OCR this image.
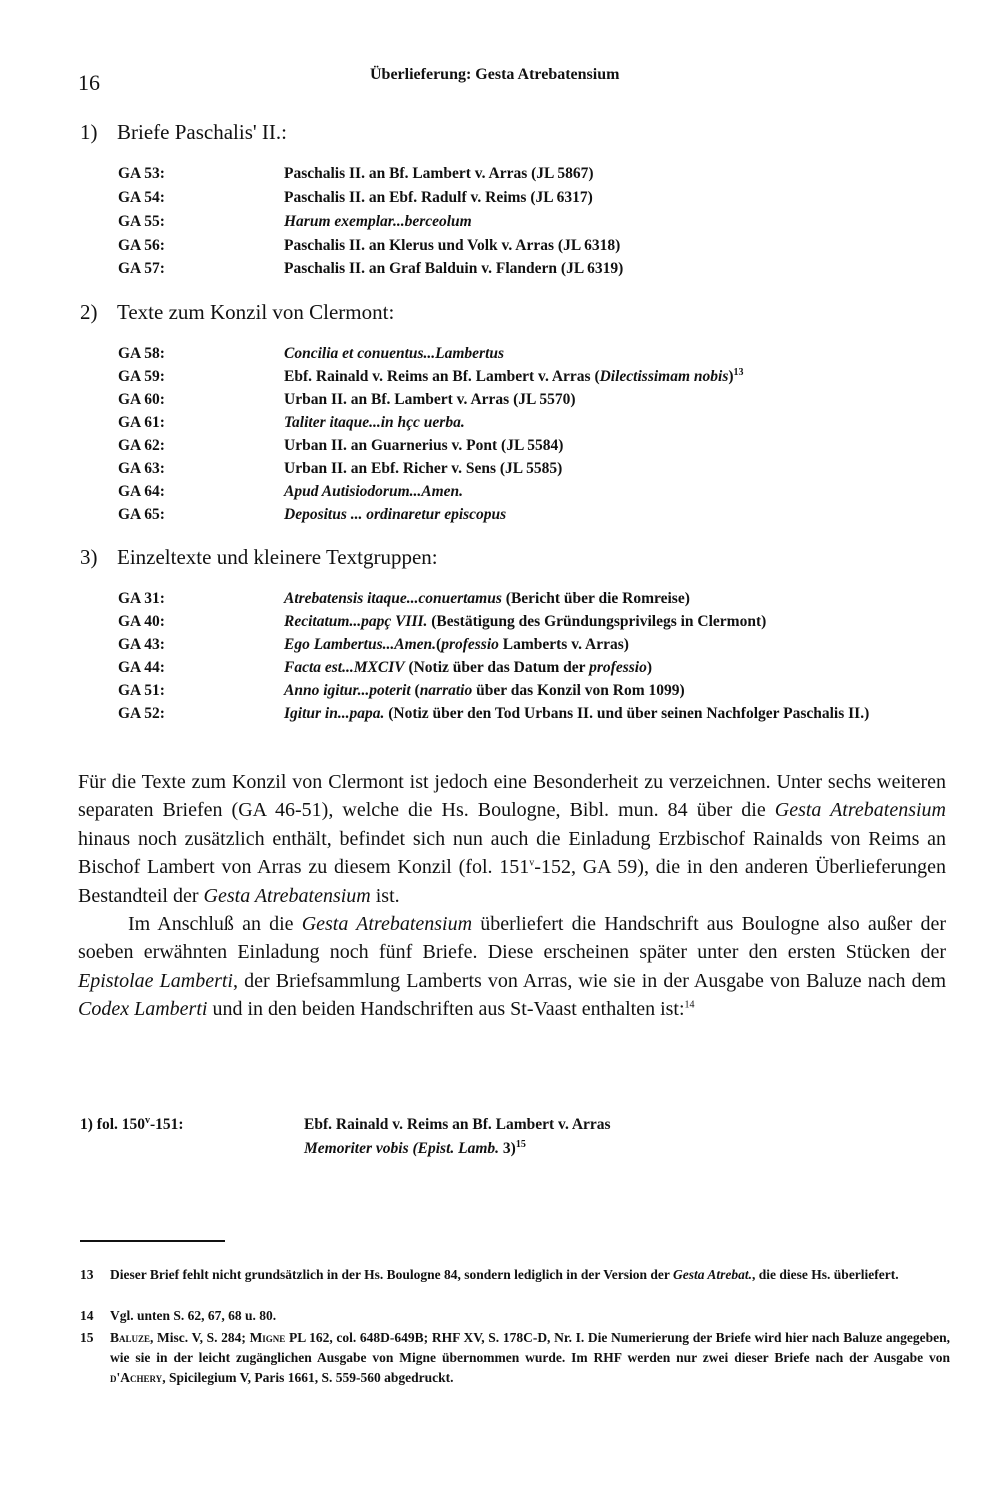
16	Überlieferung: Gesta Atrebatensium
1) Briefe Paschalis' II.:
GA 53:	Paschalis II. an Bf. Lambert v. Arras (JL 5867)
GA 54:	Paschalis II. an Ebf. Radulf v. Reims (JL 6317)
GA 55:	Harum exemplar...berceolum
GA 56:	Paschalis II. an Klerus und Volk v. Arras (JL 6318)
GA 57:	Paschalis II. an Graf Balduin v. Flandern (JL 6319)
2) Texte zum Konzil von Clermont:
GA 58:	Concilia et conuentus...Lambertus
GA 59:	Ebf. Rainald v. Reims an Bf. Lambert v. Arras (Dilectissimam nobis)$^{13}$
GA 60:	Urban II. an Bf. Lambert v. Arras (JL 5570)
GA 61:	Taliter itaque...in hçc uerba.
GA 62:	Urban II. an Guarnerius v. Pont (JL 5584)
GA 63:	Urban II. an Ebf. Richer v. Sens (JL 5585)
GA 64:	Apud Autisiodorum...Amen.
GA 65:	Depositus ... ordinaretur episcopus
3) Einzeltexte und kleinere Textgruppen:
GA 31:	Atrebatensis itaque...conuertamus (Bericht über die Romreise)
GA 40:	Recitatum...papç VIII. (Bestätigung des Gründungsprivilegs in Clermont)
GA 43:	Ego Lambertus...Amen.(professio Lamberts v. Arras)
GA 44:	Facta est...MXCIV (Notiz über das Datum der professio)
GA 51:	Anno igitur...poterit (narratio über das Konzil von Rom 1099)
GA 52:	Igitur in...papa. (Notiz über den Tod Urbans II. und über seinen Nachfolger Paschalis II.)

Für die Texte zum Konzil von Clermont ist jedoch eine Besonderheit zu verzeichnen. Unter sechs weiteren separaten Briefen (GA 46-51), welche die Hs. Boulogne, Bibl. mun. 84 über die Gesta Atrebatensium hinaus noch zusätzlich enthält, befindet sich nun auch die Einladung Erzbischof Rainalds von Reims an Bischof Lambert von Arras zu diesem Konzil (fol. 151$^v$-152, GA 59), die in den anderen Überlieferungen Bestandteil der Gesta Atrebatensium ist.

Im Anschluß an die Gesta Atrebatensium überliefert die Handschrift aus Boulogne also außer der soeben erwähnten Einladung noch fünf Briefe. Diese erscheinen später unter den ersten Stücken der Epistolae Lamberti, der Briefsammlung Lamberts von Arras, wie sie in der Ausgabe von Baluze nach dem Codex Lamberti und in den beiden Handschriften aus St-Vaast enthalten ist:$^{14}$

1) fol. 150$^v$-151:	Ebf. Rainald v. Reims an Bf. Lambert v. Arras
Memoriter vobis (Epist. Lamb. 3)$^{15}$
13	Dieser Brief fehlt nicht grundsätzlich in der Hs. Boulogne 84, sondern lediglich in der Version der Gesta Atrebat., die diese Hs. überliefert.
14	Vgl. unten S. 62, 67, 68 u. 80.
15	Baluze, Misc. V, S. 284; Migne PL 162, col. 648D-649B; RHF XV, S. 178C-D, Nr. I. Die Numerierung der Briefe wird hier nach Baluze angegeben, wie sie in der leicht zugänglichen Ausgabe von Migne übernommen wurde. Im RHF werden nur zwei dieser Briefe nach der Ausgabe von d'Achery, Spicilegium V, Paris 1661, S. 559-560 abgedruckt.
